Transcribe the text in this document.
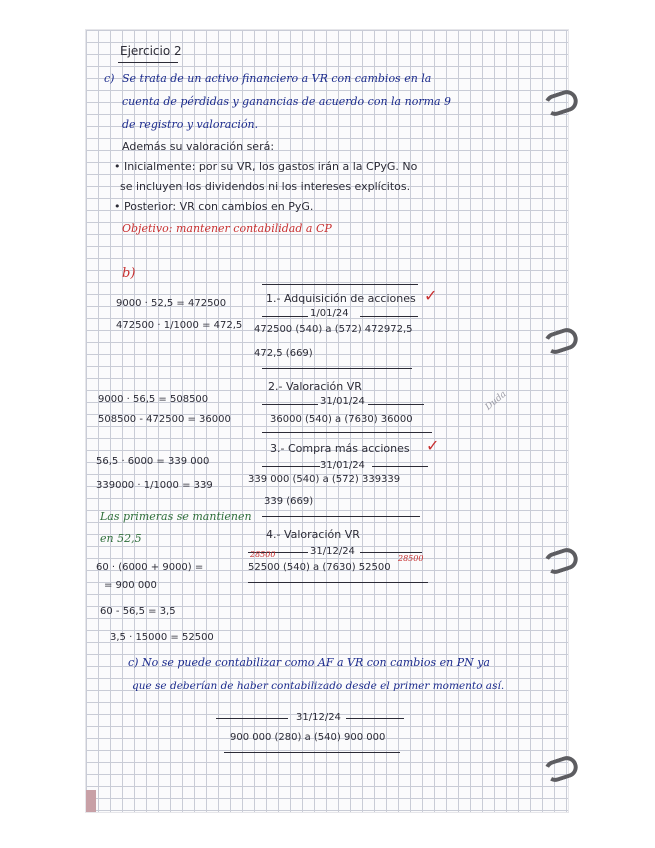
Ejercicio 2
c) Se trata de un activo financiero a VR con cambios en la
cuenta de pérdidas y ganancias de acuerdo con la norma 9
de registro y valoración.
Además su valoración será:
• Inicialmente: por su VR, los gastos irán a la CPyG. No
se incluyen los dividendos ni los intereses explícitos.
• Posterior: VR con cambios en PyG.
Objetivo: mantener contabilidad a CP
b)
9000 · 52,5 = 472500
472500 · 1/1000 = 472,5
9000 · 56,5 = 508500
508500 - 472500 = 36000
56,5 · 6000 = 339 000
339000 · 1/1000 = 339
Las primeras se mantienen
en 52,5
60 · (6000 + 9000) =
= 900 000
60 - 56,5 = 3,5
3,5 · 15000 = 52500
1.- Adquisición de acciones ✓
1/01/24
472500 (540) a (572) 472972,5
472,5 (669)
2.- Valoración VR
31/01/24
36000 (540) a (7630) 36000
Duda
3.- Compra más acciones ✓
31/01/24
339 000 (540) a (572) 339339
339 (669)
4.- Valoración VR
31/12/24
28500	28500
52500 (540) a (7630) 52500
c) No se puede contabilizar como AF a VR con cambios en PN ya
que se deberían de haber contabilizado desde el primer momento así.
31/12/24
900 000 (280) a (540) 900 000
